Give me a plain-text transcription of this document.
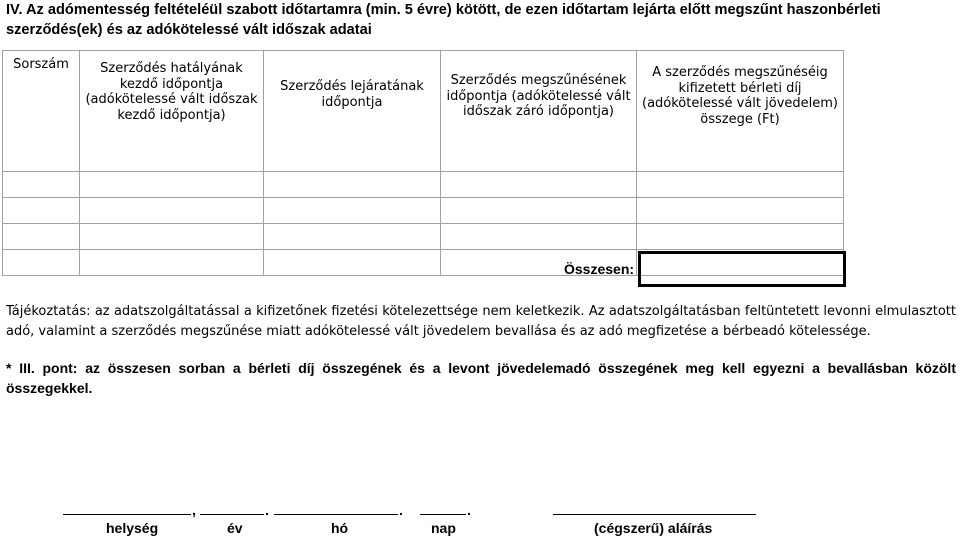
IV. Az adómentesség feltételéül szabott időtartamra (min. 5 évre) kötött, de ezen időtartam lejárta előtt megszűnt haszonbérleti szerződés(ek) és az adókötelessé vált időszak adatai
Sorszám	Szerződés hatályának kezdő időpontja (adókötelessé vált időszak kezdő időpontja)	Szerződés lejáratának időpontja	Szerződés megszűnésének időpontja (adókötelessé vált időszak záró időpontja)	A szerződés megszűnéséig kifizetett bérleti díj (adókötelessé vált jövedelem) összege (Ft)

Összesen:
Tájékoztatás: az adatszolgáltatással a kifizetőnek fizetési kötelezettsége nem keletkezik. Az adatszolgáltatásban feltüntetett levonni elmulasztott adó, valamint a szerződés megszűnése miatt adókötelessé vált jövedelem bevallása és az adó megfizetése a bérbeadó kötelessége.
* III. pont: az összesen sorban a bérleti díj összegének és a levont jövedelemadó összegének meg kell egyezni a bevallásban közölt összegekkel.
,	.	.	.
helység	év	hó	nap	(cégszerű) aláírás
